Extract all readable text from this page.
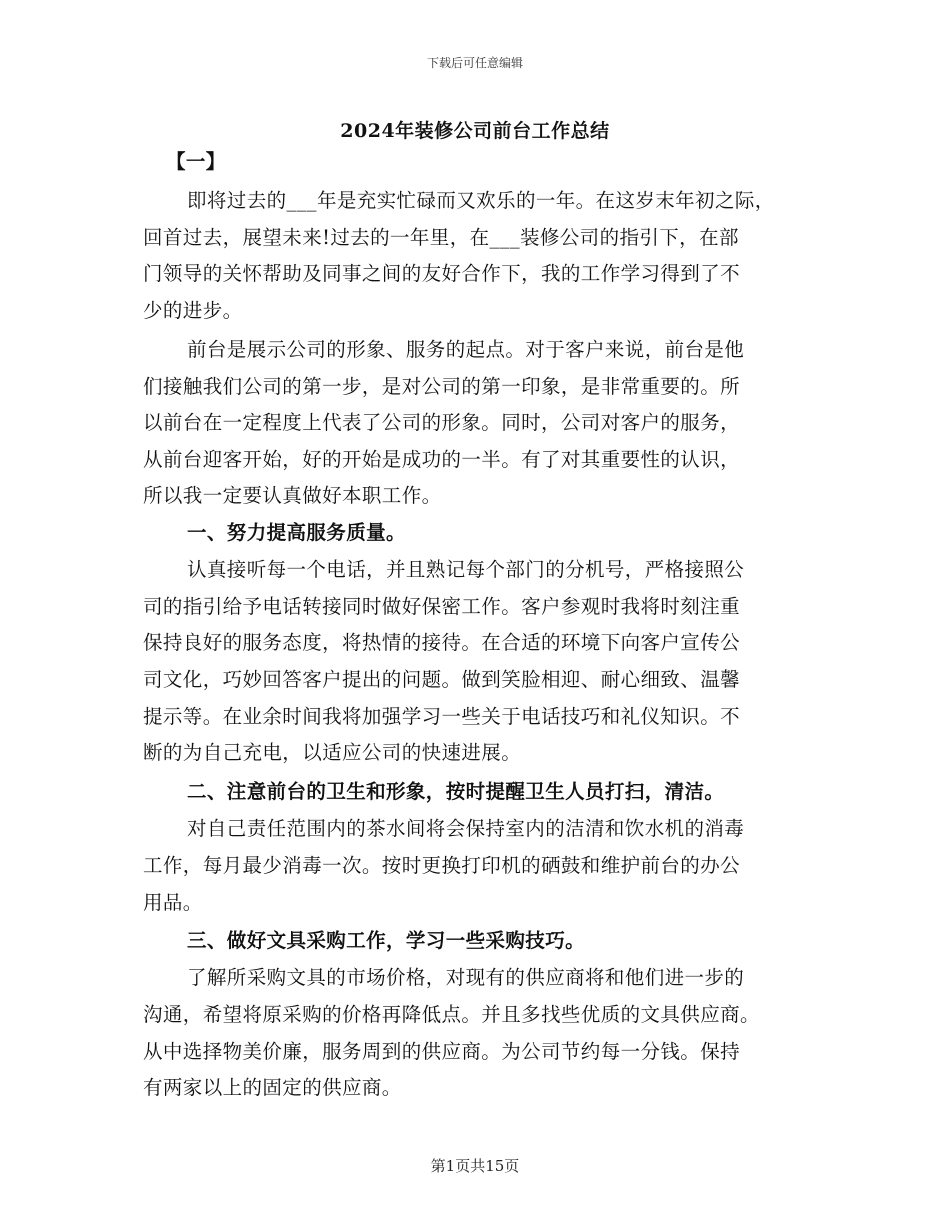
下载后可任意编辑
2024年装修公司前台工作总结
【一】
即将过去的___年是充实忙碌而又欢乐的一年。在这岁末年初之际，
回首过去，展望未来!过去的一年里，在___装修公司的指引下，在部
门领导的关怀帮助及同事之间的友好合作下，我的工作学习得到了不
少的进步。
前台是展示公司的形象、服务的起点。对于客户来说，前台是他
们接触我们公司的第一步，是对公司的第一印象，是非常重要的。所
以前台在一定程度上代表了公司的形象。同时，公司对客户的服务，
从前台迎客开始，好的开始是成功的一半。有了对其重要性的认识，
所以我一定要认真做好本职工作。
一、努力提高服务质量。
认真接听每一个电话，并且熟记每个部门的分机号，严格接照公
司的指引给予电话转接同时做好保密工作。客户参观时我将时刻注重
保持良好的服务态度，将热情的接待。在合适的环境下向客户宣传公
司文化，巧妙回答客户提出的问题。做到笑脸相迎、耐心细致、温馨
提示等。在业余时间我将加强学习一些关于电话技巧和礼仪知识。不
断的为自己充电，以适应公司的快速进展。
二、注意前台的卫生和形象，按时提醒卫生人员打扫，清洁。
对自己责任范围内的茶水间将会保持室内的洁清和饮水机的消毒
工作，每月最少消毒一次。按时更换打印机的硒鼓和维护前台的办公
用品。
三、做好文具采购工作，学习一些采购技巧。
了解所采购文具的市场价格，对现有的供应商将和他们进一步的
沟通，希望将原采购的价格再降低点。并且多找些优质的文具供应商。
从中选择物美价廉，服务周到的供应商。为公司节约每一分钱。保持
有两家以上的固定的供应商。
第1页共15页
